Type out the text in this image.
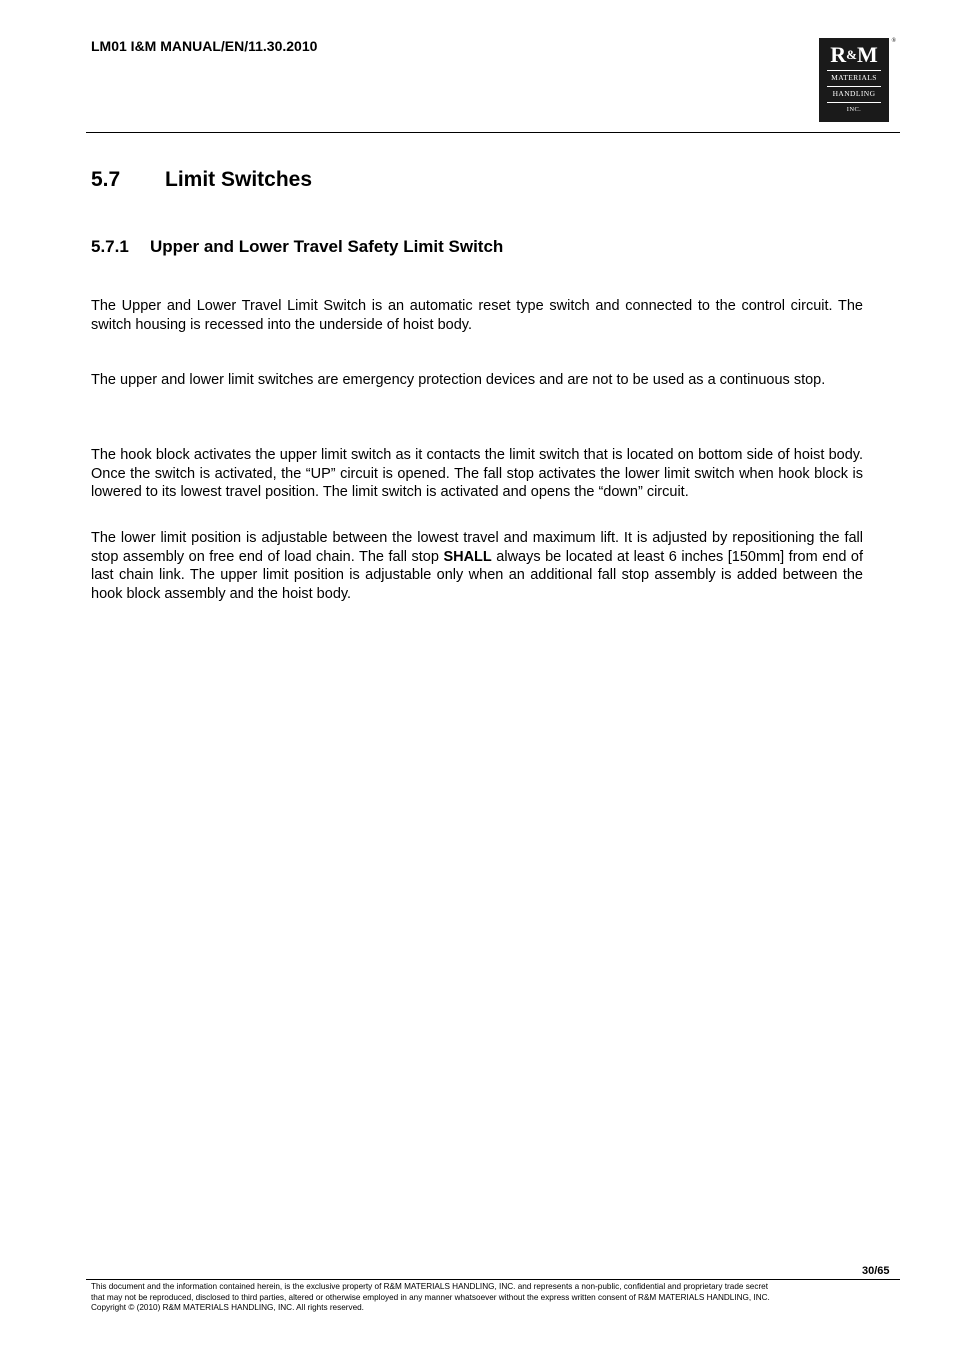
LM01 I&M MANUAL/EN/11.30.2010	®
R&M
MATERIALS
HANDLING
INC.
5.7 Limit Switches
5.7.1 Upper and Lower Travel Safety Limit Switch

The Upper and Lower Travel Limit Switch is an automatic reset type switch and connected to the control circuit. The switch housing is recessed into the underside of hoist body.

The upper and lower limit switches are emergency protection devices and are not to be used as a continuous stop.

The hook block activates the upper limit switch as it contacts the limit switch that is located on bottom side of hoist body. Once the switch is activated, the “UP” circuit is opened. The fall stop activates the lower limit switch when hook block is lowered to its lowest travel position. The limit switch is activated and opens the “down” circuit.

The lower limit position is adjustable between the lowest travel and maximum lift. It is adjusted by repositioning the fall stop assembly on free end of load chain. The fall stop SHALL always be located at least 6 inches [150mm] from end of last chain link. The upper limit position is adjustable only when an additional fall stop assembly is added between the hook block assembly and the hoist body.

30/65

This document and the information contained herein, is the exclusive property of R&M MATERIALS HANDLING, INC. and represents a non-public, confidential and proprietary trade secret
that may not be reproduced, disclosed to third parties, altered or otherwise employed in any manner whatsoever without the express written consent of R&M MATERIALS HANDLING, INC.
Copyright © (2010) R&M MATERIALS HANDLING, INC. All rights reserved.
